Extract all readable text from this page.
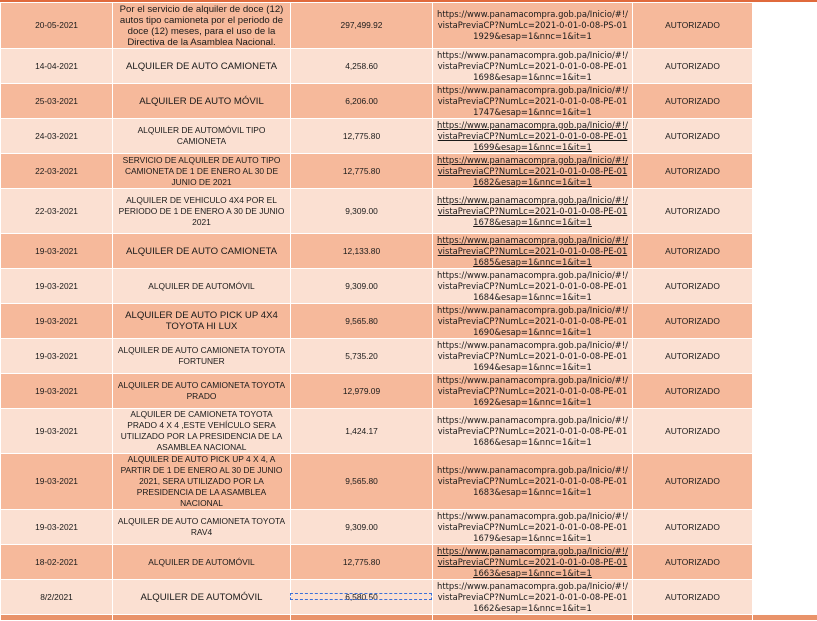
20-05-2021	Por el servicio de alquiler de doce (12) autos tipo camioneta por el periodo de doce (12) meses, para el uso de la Directiva de la Asamblea Nacional.	297,499.92	https://www.panamacompra.gob.pa/Inicio/#!/vistaPreviaCP?NumLc=2021-0-01-0-08-PS-011929&esap=1&nnc=1&it=1	AUTORIZADO	
14-04-2021	ALQUILER DE AUTO CAMIONETA	4,258.60	https://www.panamacompra.gob.pa/Inicio/#!/vistaPreviaCP?NumLc=2021-0-01-0-08-PE-011698&esap=1&nnc=1&it=1	AUTORIZADO	
25-03-2021	ALQUILER DE AUTO MÓVIL	6,206.00	https://www.panamacompra.gob.pa/Inicio/#!/vistaPreviaCP?NumLc=2021-0-01-0-08-PE-011747&esap=1&nnc=1&it=1	AUTORIZADO	
24-03-2021	ALQUILER DE AUTOMÓVIL TIPO CAMIONETA	12,775.80	https://www.panamacompra.gob.pa/Inicio/#!/vistaPreviaCP?NumLc=2021-0-01-0-08-PE-011699&esap=1&nnc=1&it=1	AUTORIZADO	
22-03-2021	SERVICIO DE ALQUILER DE AUTO TIPO CAMIONETA DE 1 DE ENERO AL 30 DE JUNIO DE 2021	12,775.80	https://www.panamacompra.gob.pa/Inicio/#!/vistaPreviaCP?NumLc=2021-0-01-0-08-PE-011682&esap=1&nnc=1&it=1	AUTORIZADO	
22-03-2021	ALQUILER DE VEHICULO 4X4 POR EL PERIODO DE 1 DE ENERO A 30 DE JUNIO 2021	9,309.00	https://www.panamacompra.gob.pa/Inicio/#!/vistaPreviaCP?NumLc=2021-0-01-0-08-PE-011678&esap=1&nnc=1&it=1	AUTORIZADO	
19-03-2021	ALQUILER DE AUTO CAMIONETA	12,133.80	https://www.panamacompra.gob.pa/Inicio/#!/vistaPreviaCP?NumLc=2021-0-01-0-08-PE-011685&esap=1&nnc=1&it=1	AUTORIZADO	
19-03-2021	ALQUILER DE AUTOMÓVIL	9,309.00	https://www.panamacompra.gob.pa/Inicio/#!/vistaPreviaCP?NumLc=2021-0-01-0-08-PE-011684&esap=1&nnc=1&it=1	AUTORIZADO	
19-03-2021	ALQUILER DE AUTO PICK UP 4X4 TOYOTA HI LUX	9,565.80	https://www.panamacompra.gob.pa/Inicio/#!/vistaPreviaCP?NumLc=2021-0-01-0-08-PE-011690&esap=1&nnc=1&it=1	AUTORIZADO	
19-03-2021	ALQUILER DE AUTO CAMIONETA TOYOTA FORTUNER	5,735.20	https://www.panamacompra.gob.pa/Inicio/#!/vistaPreviaCP?NumLc=2021-0-01-0-08-PE-011694&esap=1&nnc=1&it=1	AUTORIZADO	
19-03-2021	ALQUILER DE AUTO CAMIONETA TOYOTA PRADO	12,979.09	https://www.panamacompra.gob.pa/Inicio/#!/vistaPreviaCP?NumLc=2021-0-01-0-08-PE-011692&esap=1&nnc=1&it=1	AUTORIZADO	
19-03-2021	ALQUILER DE CAMIONETA TOYOTA PRADO 4 X 4 ,ESTE VEHÍCULO SERA UTILIZADO POR LA PRESIDENCIA DE LA ASAMBLEA NACIONAL	1,424.17	https://www.panamacompra.gob.pa/Inicio/#!/vistaPreviaCP?NumLc=2021-0-01-0-08-PE-011686&esap=1&nnc=1&it=1	AUTORIZADO	
19-03-2021	ALQUILER DE AUTO PICK UP 4 X 4, A PARTIR DE 1 DE ENERO AL 30 DE JUNIO 2021, SERA UTILIZADO POR LA PRESIDENCIA DE LA ASAMBLEA NACIONAL	9,565.80	https://www.panamacompra.gob.pa/Inicio/#!/vistaPreviaCP?NumLc=2021-0-01-0-08-PE-011683&esap=1&nnc=1&it=1	AUTORIZADO	
19-03-2021	ALQUILER DE AUTO CAMIONETA TOYOTA RAV4	9,309.00	https://www.panamacompra.gob.pa/Inicio/#!/vistaPreviaCP?NumLc=2021-0-01-0-08-PE-011679&esap=1&nnc=1&it=1	AUTORIZADO	
18-02-2021	ALQUILER DE AUTOMÓVIL	12,775.80	https://www.panamacompra.gob.pa/Inicio/#!/vistaPreviaCP?NumLc=2021-0-01-0-08-PE-011663&esap=1&nnc=1&it=1	AUTORIZADO	
8/2/2021	ALQUILER DE AUTOMÓVIL	6,580.50	https://www.panamacompra.gob.pa/Inicio/#!/vistaPreviaCP?NumLc=2021-0-01-0-08-PE-011662&esap=1&nnc=1&it=1	AUTORIZADO	
